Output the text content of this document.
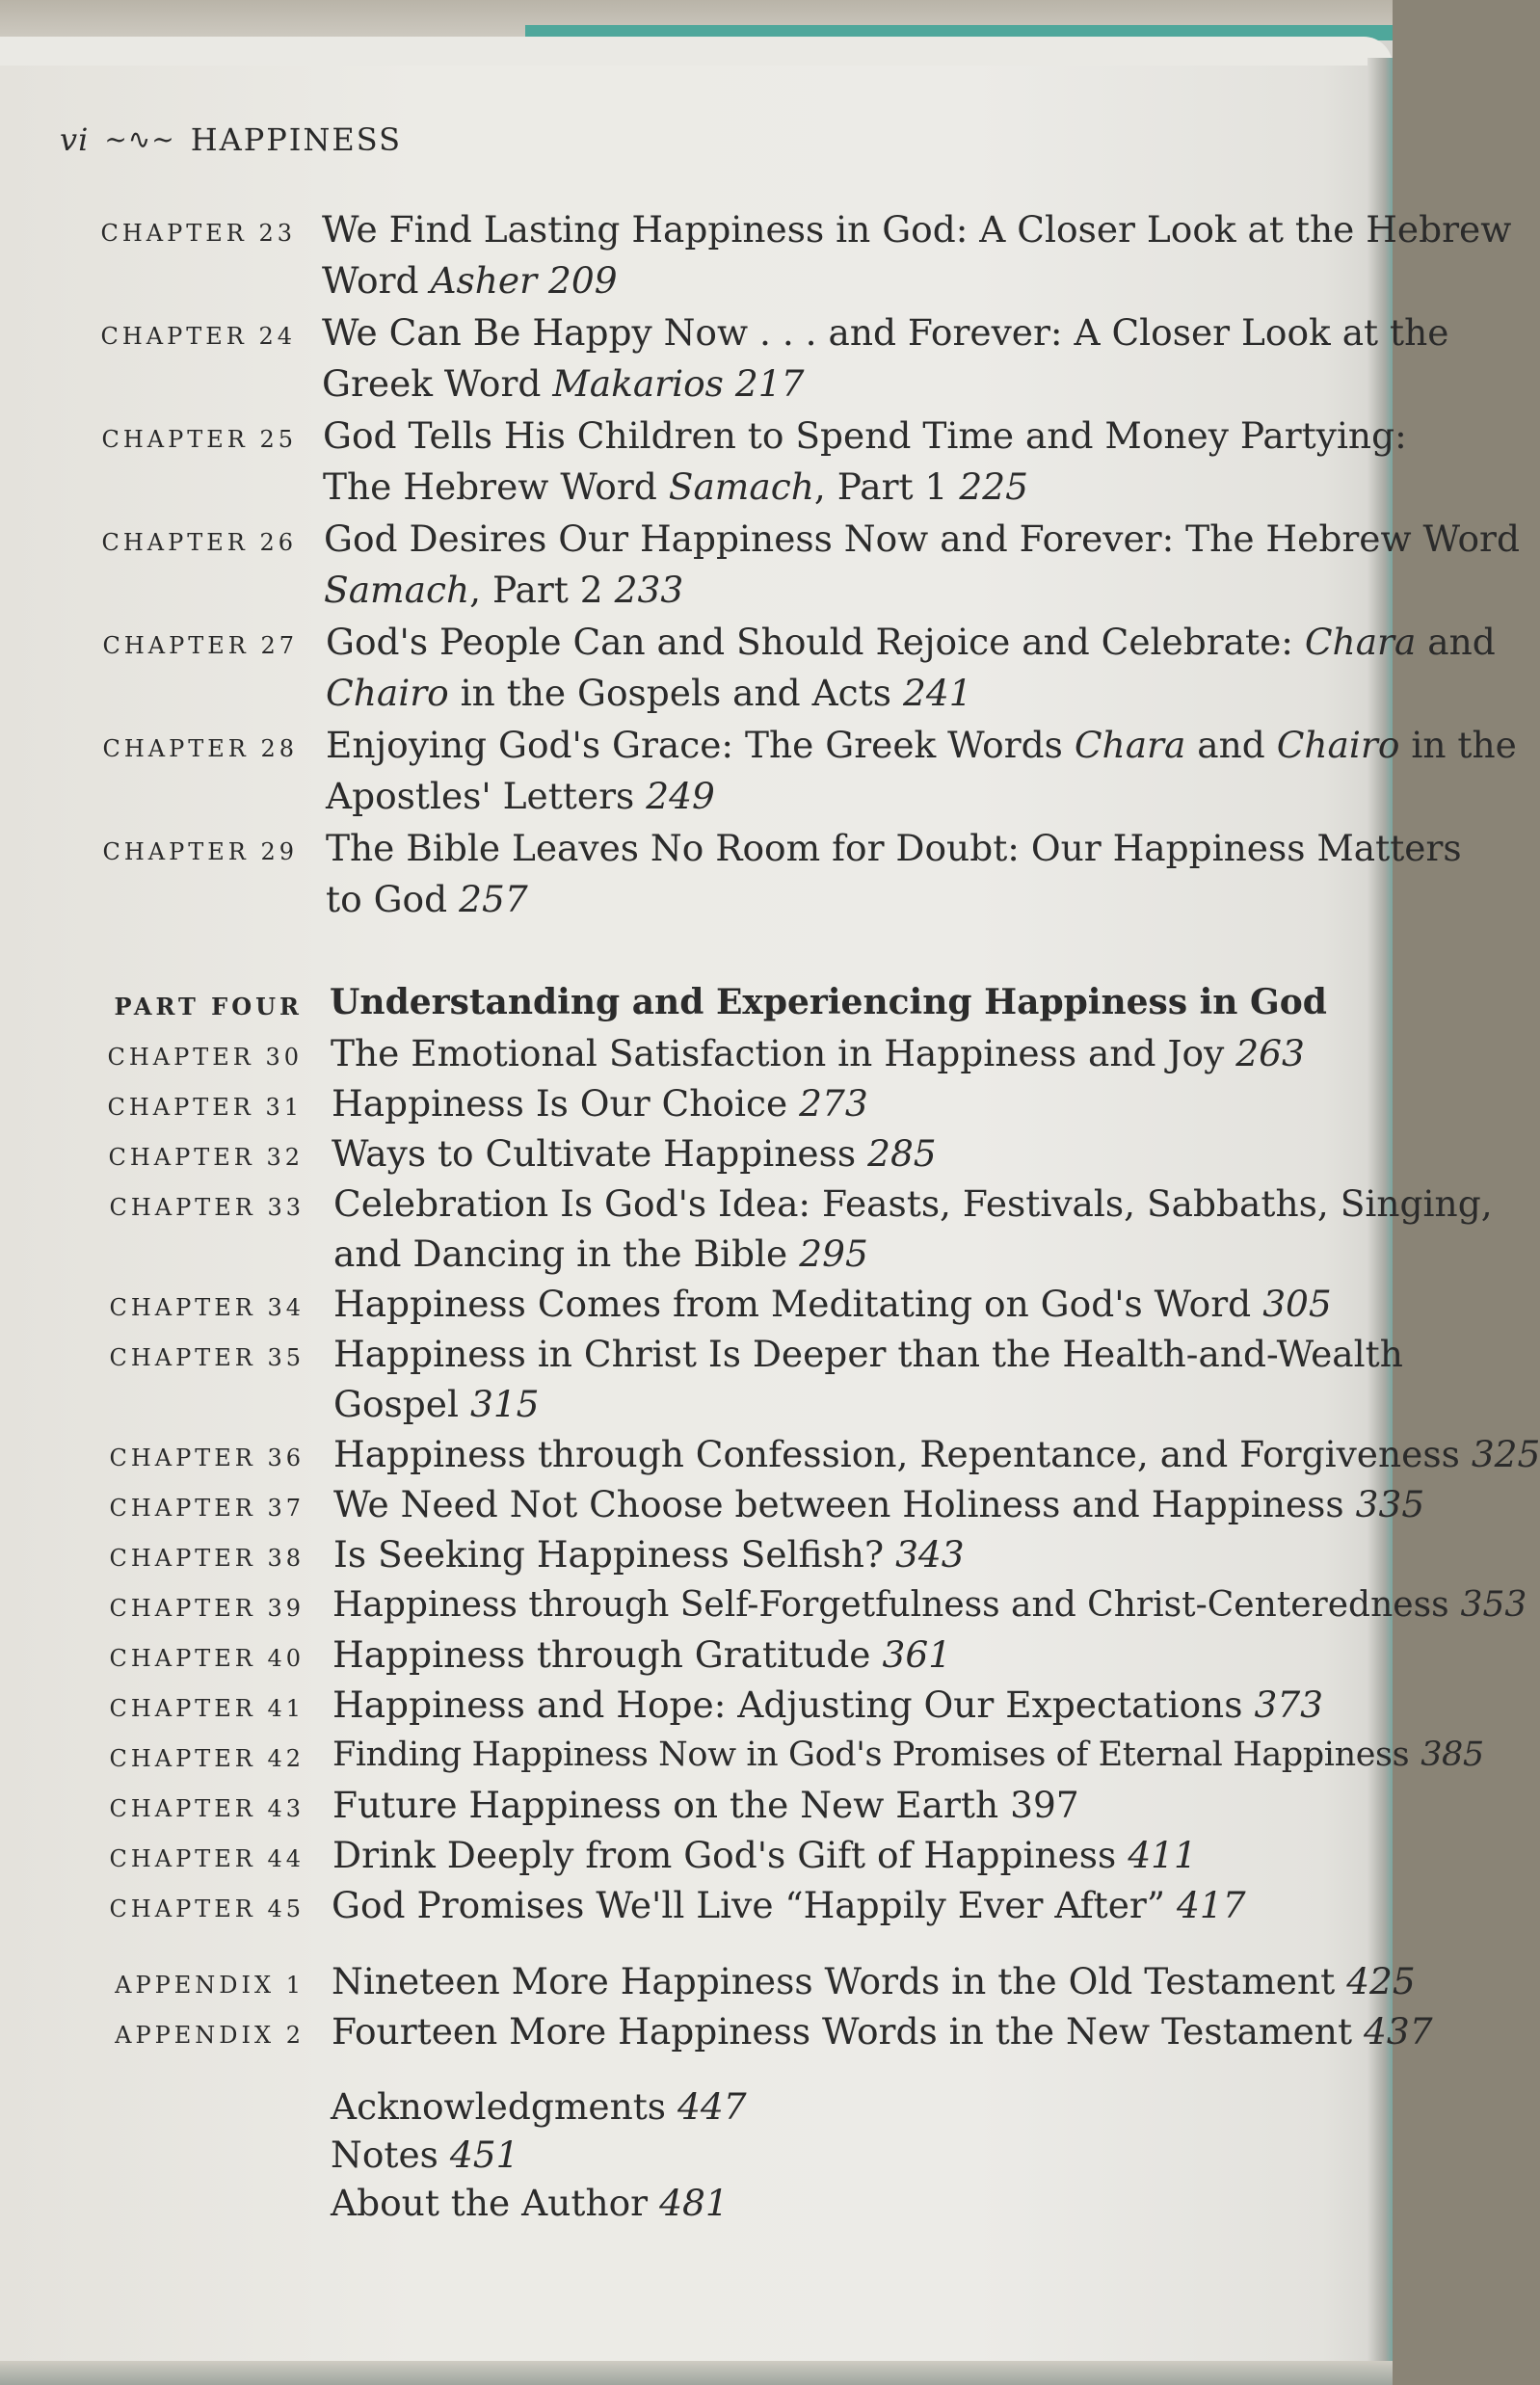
vi ~∿~ HAPPINESS
CHAPTER 23 We Find Lasting Happiness in God: A Closer Look at the Hebrew
Word Asher 209
CHAPTER 24 We Can Be Happy Now . . . and Forever: A Closer Look at the
Greek Word Makarios 217
CHAPTER 25 God Tells His Children to Spend Time and Money Partying:
The Hebrew Word Samach, Part 1 225
CHAPTER 26 God Desires Our Happiness Now and Forever: The Hebrew Word
Samach, Part 2 233
CHAPTER 27 God's People Can and Should Rejoice and Celebrate: Chara and
Chairo in the Gospels and Acts 241
CHAPTER 28 Enjoying God's Grace: The Greek Words Chara and Chairo in the
Apostles' Letters 249
CHAPTER 29 The Bible Leaves No Room for Doubt: Our Happiness Matters
to God 257
PART FOUR Understanding and Experiencing Happiness in God
CHAPTER 30 The Emotional Satisfaction in Happiness and Joy 263
CHAPTER 31 Happiness Is Our Choice 273
CHAPTER 32 Ways to Cultivate Happiness 285
CHAPTER 33 Celebration Is God's Idea: Feasts, Festivals, Sabbaths, Singing,
and Dancing in the Bible 295
CHAPTER 34 Happiness Comes from Meditating on God's Word 305
CHAPTER 35 Happiness in Christ Is Deeper than the Health-and-Wealth
Gospel 315
CHAPTER 36 Happiness through Confession, Repentance, and Forgiveness 325
CHAPTER 37 We Need Not Choose between Holiness and Happiness 335
CHAPTER 38 Is Seeking Happiness Selfish? 343
CHAPTER 39 Happiness through Self-Forgetfulness and Christ-Centeredness 353
CHAPTER 40 Happiness through Gratitude 361
CHAPTER 41 Happiness and Hope: Adjusting Our Expectations 373
CHAPTER 42 Finding Happiness Now in God's Promises of Eternal Happiness 385
CHAPTER 43 Future Happiness on the New Earth 397
CHAPTER 44 Drink Deeply from God's Gift of Happiness 411
CHAPTER 45 God Promises We'll Live “Happily Ever After” 417
APPENDIX 1 Nineteen More Happiness Words in the Old Testament 425
APPENDIX 2 Fourteen More Happiness Words in the New Testament 437
Acknowledgments 447
Notes 451
About the Author 481
